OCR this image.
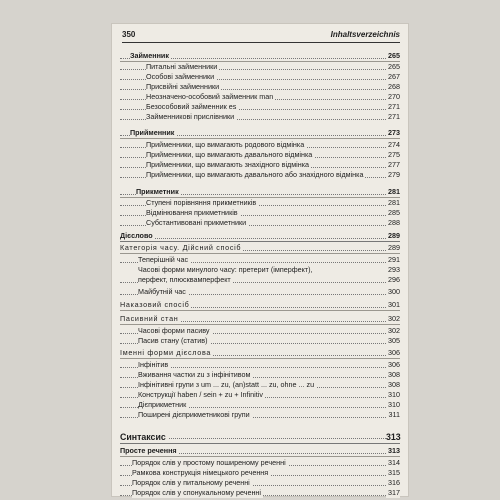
350	Inhaltsverzeichnis
Займенник	265
Питальні займенники	265
Особові займенники	267
Присвійні займенники	268
Неозначено-особовий займенник man	270
Безособовий займенник es	271
Займенникові прислівники	271
Прийменник	273
Прийменники, що вимагають родового відмінка	274
Прийменники, що вимагають давального відмінка	275
Прийменники, що вимагають знахідного відмінка	277
Прийменники, що вимагають давального або знахідного відмінка	279
Прикметник	281
Ступені порівняння прикметників	281
Відмінювання прикметників	285
Субстантивовані прикметники	288
Дієслово	289
Категорія часу. Дійсний спосіб	289
Теперішній час	291
Часові форми минулого часу: претерит (імперфект),	293
перфект, плюсквамперфект	296
Майбутній час	300
Наказовий спосіб	301
Пасивний стан	302
Часові форми пасиву	302
Пасив стану (статив)	305
Іменні форми дієслова	306
Інфінітив	306
Вживання частки zu з інфінітивом	308
Інфінітивні групи з um ... zu, (an)statt ... zu, ohne ... zu	308
Конструкції haben / sein + zu + Infinitiv	310
Дієприкметник	310
Поширені дієприкметникові групи	311
Синтаксис	313
Просте речення	313
Порядок слів у простому поширеному реченні	314
Рамкова конструкція німецького речення	315
Порядок слів у питальному реченні	316
Порядок слів у спонукальному реченні	317
